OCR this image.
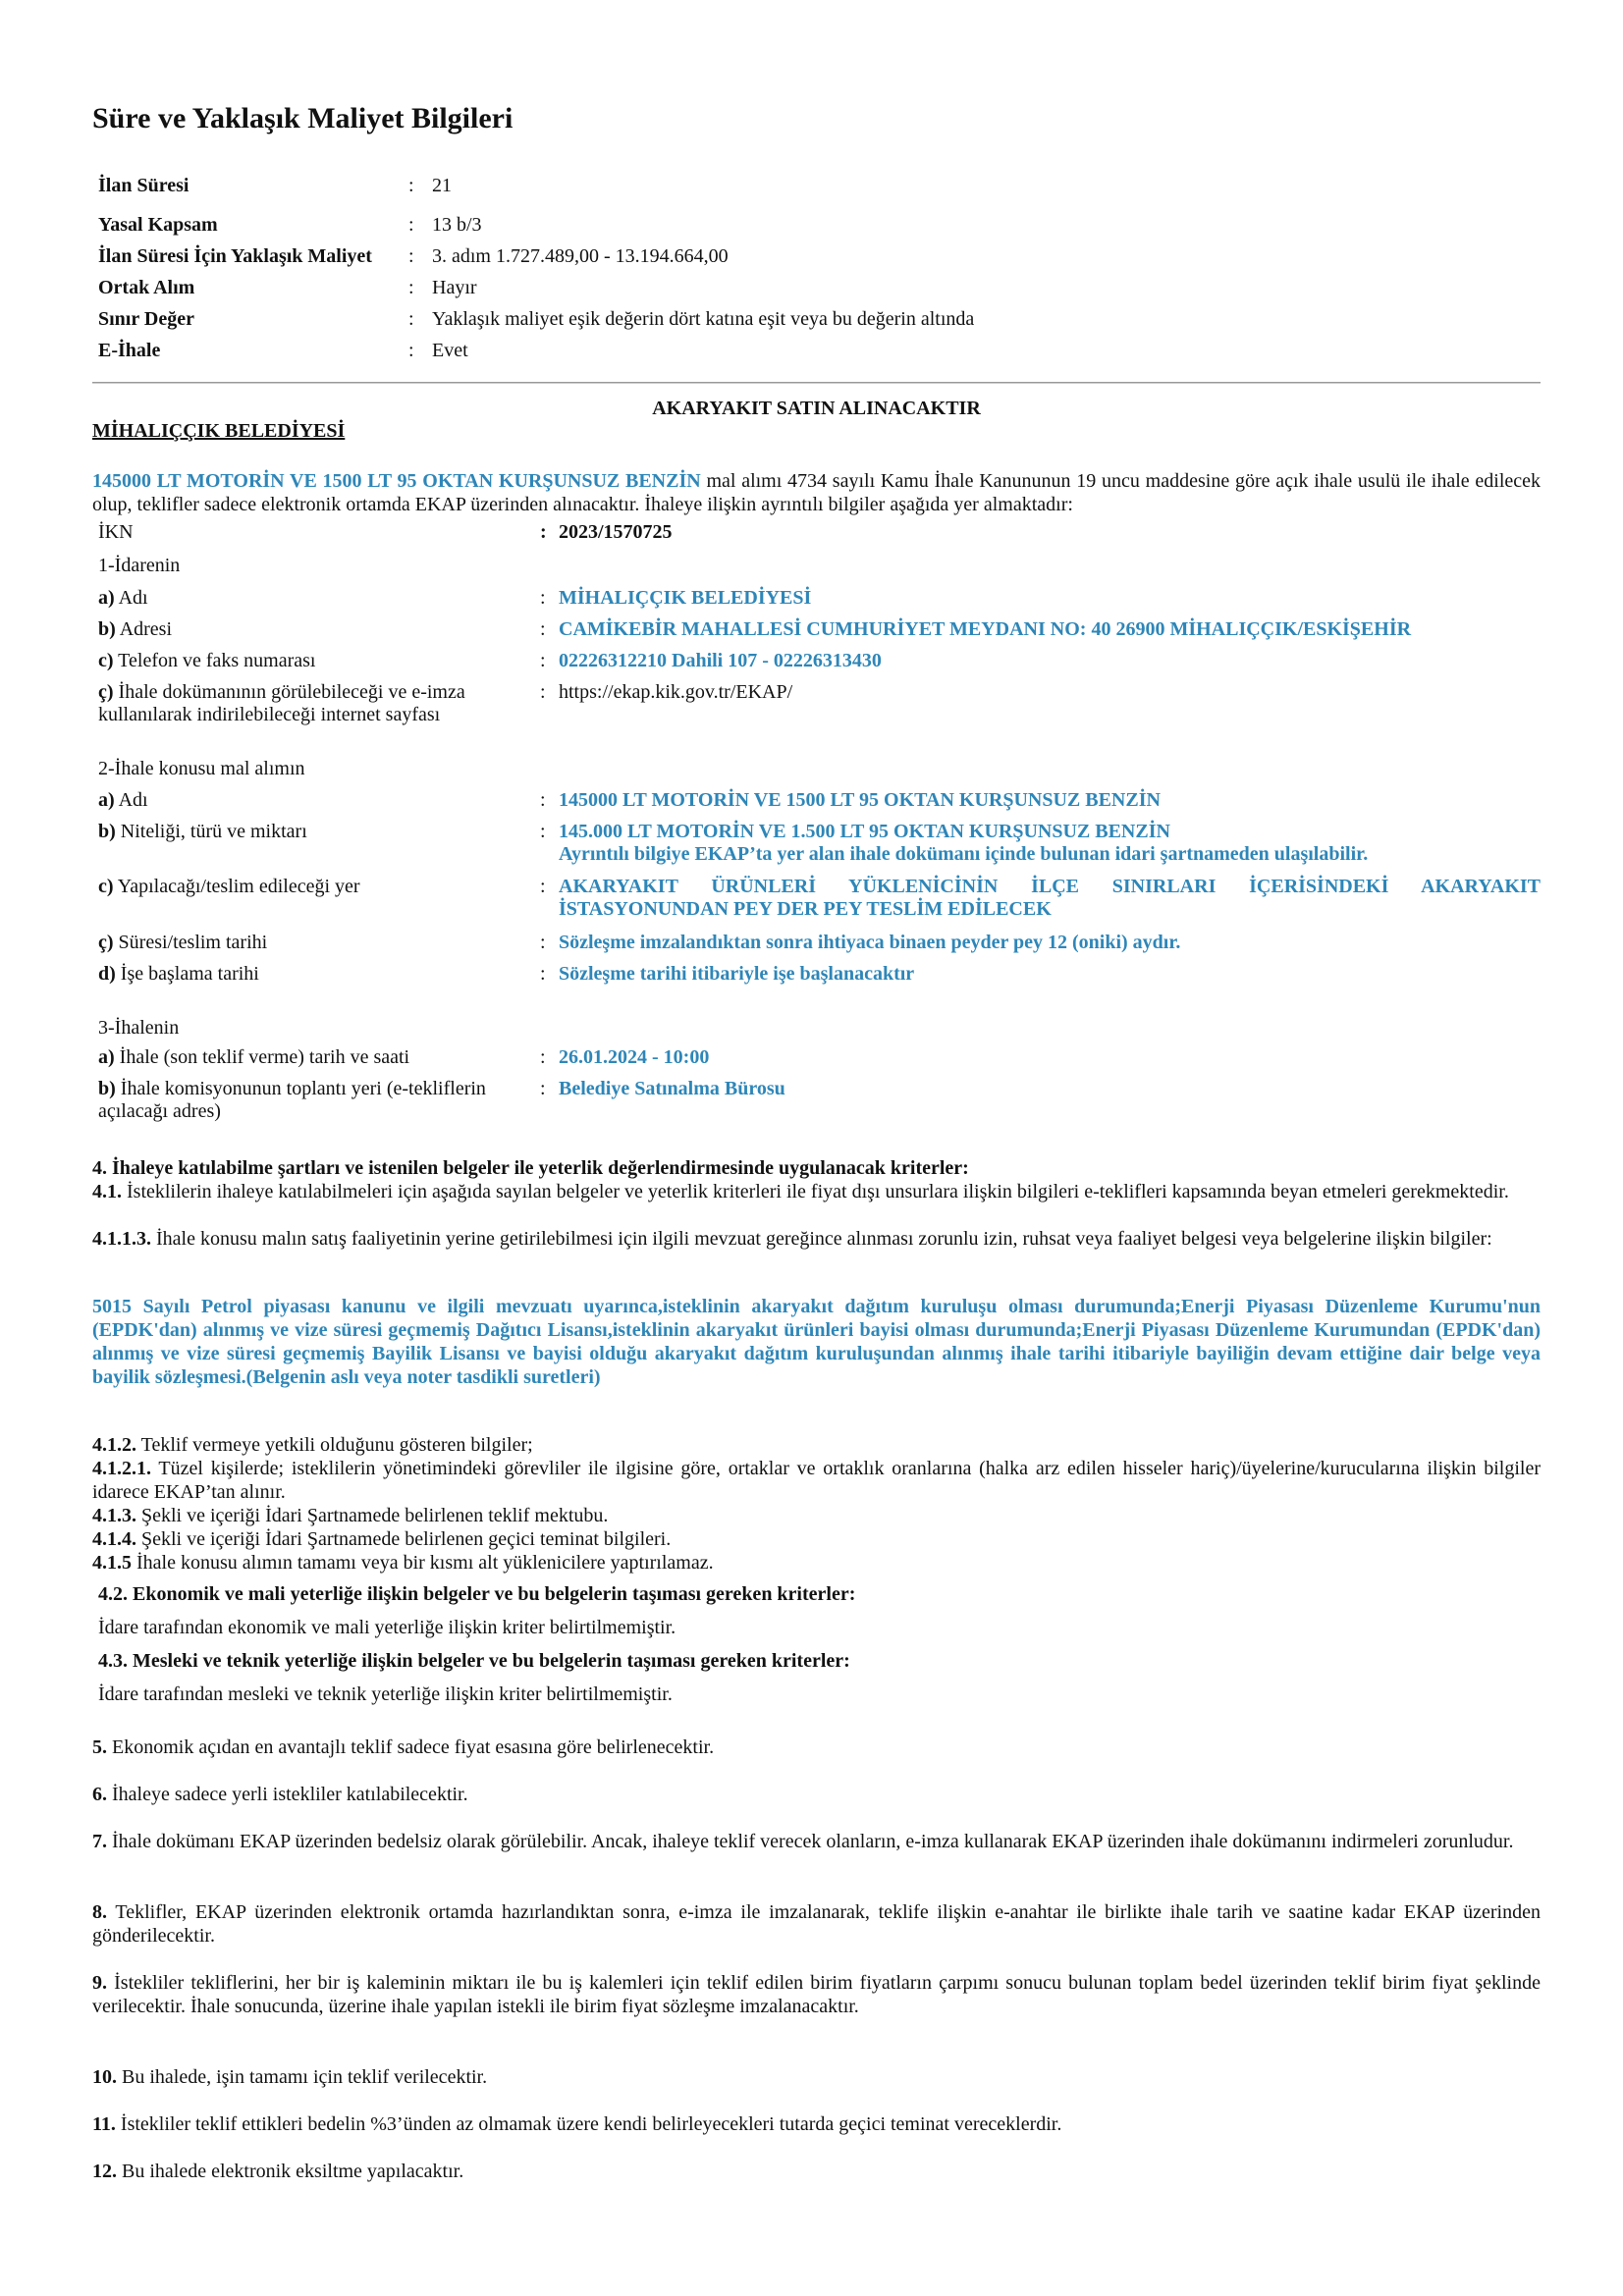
Süre ve Yaklaşık Maliyet Bilgileri
İlan Süresi	: 21
Yasal Kapsam	: 13 b/3
İlan Süresi İçin Yaklaşık Maliyet : 3. adım 1.727.489,00 - 13.194.664,00
Ortak Alım	: Hayır
Sınır Değer	: Yaklaşık maliyet eşik değerin dört katına eşit veya bu değerin altında
E-İhale	: Evet
AKARYAKIT SATIN ALINACAKTIR
MİHALIÇÇIK BELEDİYESİ
145000 LT MOTORİN VE 1500 LT 95 OKTAN KURŞUNSUZ BENZİN mal alımı 4734 sayılı Kamu İhale Kanununun 19 uncu maddesine göre açık ihale usulü ile ihale edilecek olup, teklifler sadece elektronik ortamda EKAP üzerinden alınacaktır. İhaleye ilişkin ayrıntılı bilgiler aşağıda yer almaktadır:
İKN	: 2023/1570725
1-İdarenin
a) Adı	: MİHALIÇÇIK BELEDİYESİ
b) Adresi	: CAMİKEBİR MAHALLESİ CUMHURİYET MEYDANI NO: 40 26900 MİHALIÇÇIK/ESKİŞEHİR
c) Telefon ve faks numarası	: 02226312210 Dahili 107 - 02226313430
ç) İhale dokümanının görülebileceği ve e-imza
kullanılarak indirilebileceği internet sayfası
: https://ekap.kik.gov.tr/EKAP/
2-İhale konusu mal alımın
a) Adı	: 145000 LT MOTORİN VE 1500 LT 95 OKTAN KURŞUNSUZ BENZİN
b) Niteliği, türü ve miktarı	: 145.000 LT MOTORİN VE 1.500 LT 95 OKTAN KURŞUNSUZ BENZİN
Ayrıntılı bilgiye EKAP’ta yer alan ihale dokümanı içinde bulunan idari şartnameden ulaşılabilir.
c) Yapılacağı/teslim edileceği yer	: AKARYAKIT ÜRÜNLERİ YÜKLENİCİNİN İLÇE SINIRLARI İÇERİSİNDEKİ AKARYAKIT
İSTASYONUNDAN PEY DER PEY TESLİM EDİLECEK
ç) Süresi/teslim tarihi	: Sözleşme imzalandıktan sonra ihtiyaca binaen peyder pey 12 (oniki) aydır.
d) İşe başlama tarihi	: Sözleşme tarihi itibariyle işe başlanacaktır
3-İhalenin
a) İhale (son teklif verme) tarih ve saati	: 26.01.2024 - 10:00
b) İhale komisyonunun toplantı yeri (e-tekliflerin
açılacağı adres)
: Belediye Satınalma Bürosu
4. İhaleye katılabilme şartları ve istenilen belgeler ile yeterlik değerlendirmesinde uygulanacak kriterler:
4.1. İsteklilerin ihaleye katılabilmeleri için aşağıda sayılan belgeler ve yeterlik kriterleri ile fiyat dışı unsurlara ilişkin bilgileri e-teklifleri kapsamında beyan etmeleri gerekmektedir.
4.1.1.3. İhale konusu malın satış faaliyetinin yerine getirilebilmesi için ilgili mevzuat gereğince alınması zorunlu izin, ruhsat veya faaliyet belgesi veya belgelerine ilişkin bilgiler:
5015 Sayılı Petrol piyasası kanunu ve ilgili mevzuatı uyarınca,isteklinin akaryakıt dağıtım kuruluşu olması durumunda;Enerji Piyasası Düzenleme Kurumu'nun (EPDK'dan) alınmış ve vize süresi geçmemiş Dağıtıcı Lisansı,isteklinin akaryakıt ürünleri bayisi olması durumunda;Enerji Piyasası Düzenleme Kurumundan (EPDK'dan) alınmış ve vize süresi geçmemiş Bayilik Lisansı ve bayisi olduğu akaryakıt dağıtım kuruluşundan alınmış ihale tarihi itibariyle bayiliğin devam ettiğine dair belge veya bayilik sözleşmesi.(Belgenin aslı veya noter tasdikli suretleri)
4.1.2. Teklif vermeye yetkili olduğunu gösteren bilgiler;
4.1.2.1. Tüzel kişilerde; isteklilerin yönetimindeki görevliler ile ilgisine göre, ortaklar ve ortaklık oranlarına (halka arz edilen hisseler hariç)/üyelerine/kurucularına ilişkin bilgiler idarece EKAP’tan alınır.
4.1.3. Şekli ve içeriği İdari Şartnamede belirlenen teklif mektubu.
4.1.4. Şekli ve içeriği İdari Şartnamede belirlenen geçici teminat bilgileri.
4.1.5 İhale konusu alımın tamamı veya bir kısmı alt yüklenicilere yaptırılamaz.
4.2. Ekonomik ve mali yeterliğe ilişkin belgeler ve bu belgelerin taşıması gereken kriterler:
İdare tarafından ekonomik ve mali yeterliğe ilişkin kriter belirtilmemiştir.
4.3. Mesleki ve teknik yeterliğe ilişkin belgeler ve bu belgelerin taşıması gereken kriterler:
İdare tarafından mesleki ve teknik yeterliğe ilişkin kriter belirtilmemiştir.
5. Ekonomik açıdan en avantajlı teklif sadece fiyat esasına göre belirlenecektir.
6. İhaleye sadece yerli istekliler katılabilecektir.
7. İhale dokümanı EKAP üzerinden bedelsiz olarak görülebilir. Ancak, ihaleye teklif verecek olanların, e-imza kullanarak EKAP üzerinden ihale dokümanını indirmeleri zorunludur.
8. Teklifler, EKAP üzerinden elektronik ortamda hazırlandıktan sonra, e-imza ile imzalanarak, teklife ilişkin e-anahtar ile birlikte ihale tarih ve saatine kadar EKAP üzerinden gönderilecektir.
9. İstekliler tekliflerini, her bir iş kaleminin miktarı ile bu iş kalemleri için teklif edilen birim fiyatların çarpımı sonucu bulunan toplam bedel üzerinden teklif birim fiyat şeklinde verilecektir. İhale sonucunda, üzerine ihale yapılan istekli ile birim fiyat sözleşme imzalanacaktır.
10. Bu ihalede, işin tamamı için teklif verilecektir.
11. İstekliler teklif ettikleri bedelin %3’ünden az olmamak üzere kendi belirleyecekleri tutarda geçici teminat vereceklerdir.
12. Bu ihalede elektronik eksiltme yapılacaktır.
